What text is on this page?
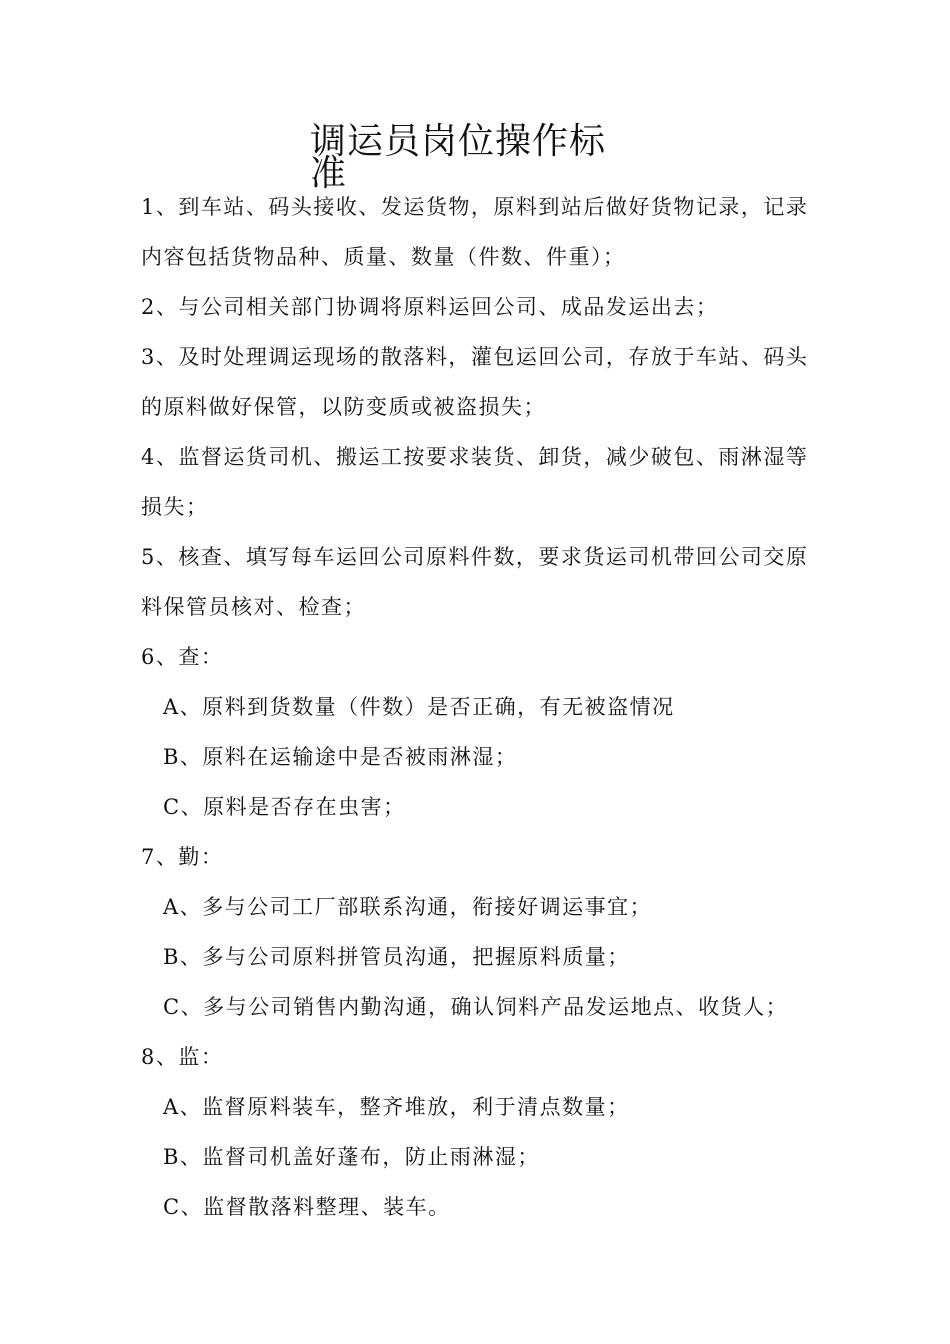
调运员岗位操作标
准

1、到车站、码头接收、发运货物，原料到站后做好货物记录，记录
内容包括货物品种、质量、数量（件数、件重）；

2、与公司相关部门协调将原料运回公司、成品发运出去；

3、及时处理调运现场的散落料，灌包运回公司，存放于车站、码头
的原料做好保管，以防变质或被盗损失；

4、监督运货司机、搬运工按要求装货、卸货，减少破包、雨淋湿等
损失；

5、核查、填写每车运回公司原料件数，要求货运司机带回公司交原
料保管员核对、检查；

6、查：

A、原料到货数量（件数）是否正确，有无被盗情况

B、原料在运输途中是否被雨淋湿；

C、原料是否存在虫害；

7、勤：

A、多与公司工厂部联系沟通，衔接好调运事宜；

B、多与公司原料拼管员沟通，把握原料质量；

C、多与公司销售内勤沟通，确认饲料产品发运地点、收货人；

8、监：

A、监督原料装车，整齐堆放，利于清点数量；

B、监督司机盖好蓬布，防止雨淋湿；

C、监督散落料整理、装车。
